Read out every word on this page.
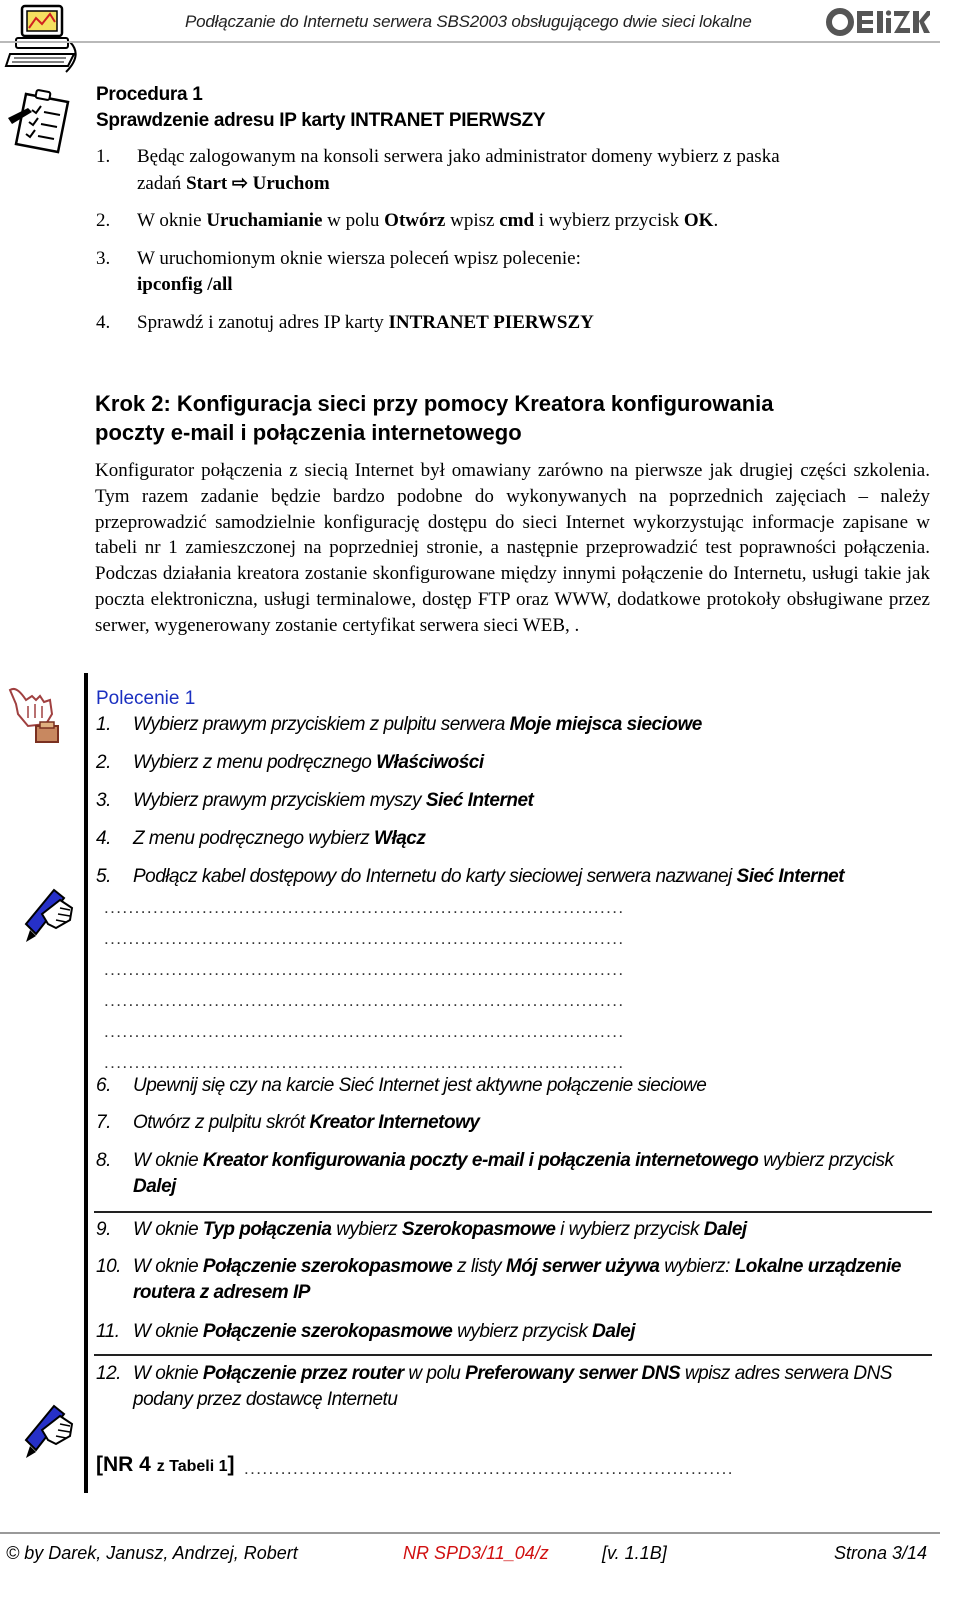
Podłączanie do Internetu serwera SBS2003 obsługującego dwie sieci lokalne
Procedura 1
Sprawdzenie adresu IP karty INTRANET PIERWSZY
1. Będąc zalogowanym na konsoli serwera jako administrator domeny wybierz z paska
zadań Start ⇨ Uruchom
2. W oknie Uruchamianie w polu Otwórz wpisz cmd i wybierz przycisk OK.
3. W uruchomionym oknie wiersza poleceń wpisz polecenie:
ipconfig /all
4. Sprawdź i zanotuj adres IP karty INTRANET PIERWSZY
Krok 2: Konfiguracja sieci przy pomocy Kreatora konfigurowania
poczty e-mail i połączenia internetowego
Konfigurator połączenia z siecią Internet był omawiany zarówno na pierwsze jak drugiej części szkolenia. Tym razem zadanie będzie bardzo podobne do wykonywanych na poprzednich zajęciach – należy przeprowadzić samodzielnie konfigurację dostępu do sieci Internet wykorzystując informacje zapisane w tabeli nr 1 zamieszczonej na poprzedniej stronie, a następnie przeprowadzić test poprawności połączenia. Podczas działania kreatora zostanie skonfigurowane między innymi połączenie do Internetu, usługi takie jak poczta elektroniczna, usługi terminalowe, dostęp FTP oraz WWW, dodatkowe protokoły obsługiwane przez serwer, wygenerowany zostanie certyfikat serwera sieci WEB, .
Polecenie 1
1. Wybierz prawym przyciskiem z pulpitu serwera Moje miejsca sieciowe
2. Wybierz z menu podręcznego Właściwości
3. Wybierz prawym przyciskiem myszy Sieć Internet
4. Z menu podręcznego wybierz Włącz
5. Podłącz kabel dostępowy do Internetu do karty sieciowej serwera nazwanej Sieć Internet
.....................................................................................
.....................................................................................
.....................................................................................
.....................................................................................
.....................................................................................
.....................................................................................
6. Upewnij się czy na karcie Sieć Internet jest aktywne połączenie sieciowe
7. Otwórz z pulpitu skrót Kreator Internetowy
8. W oknie Kreator konfigurowania poczty e-mail i połączenia internetowego wybierz przycisk
Dalej
9. W oknie Typ połączenia wybierz Szerokopasmowe i wybierz przycisk Dalej
10. W oknie Połączenie szerokopasmowe z listy Mój serwer używa wybierz: Lokalne urządzenie
routera z adresem IP
11. W oknie Połączenie szerokopasmowe wybierz przycisk Dalej
12. W oknie Połączenie przez router w polu Preferowany serwer DNS wpisz adres serwera DNS
podany przez dostawcę Internetu
[NR 4 z Tabeli 1] ................................................................................
© by Darek, Janusz, Andrzej, Robert	NR SPD3/11_04/z	[v. 1.1B]	Strona 3/14
